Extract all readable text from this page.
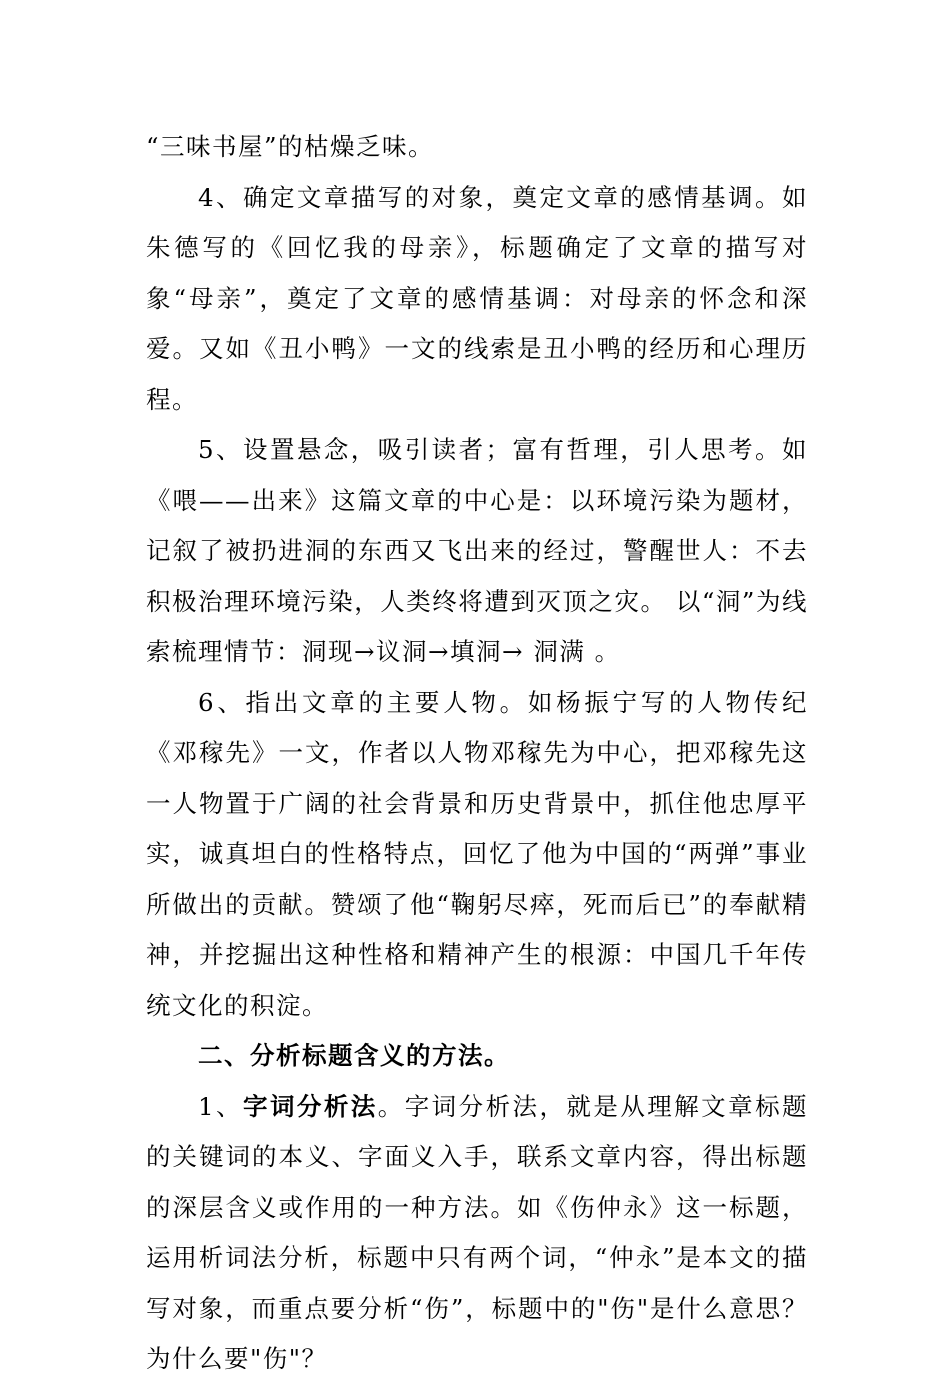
“三味书屋”的枯燥乏味。

4、确定文章描写的对象，奠定文章的感情基调。如朱德写的《回忆我的母亲》，标题确定了文章的描写对象“母亲”，奠定了文章的感情基调：对母亲的怀念和深爱。又如《丑小鸭》一文的线索是丑小鸭的经历和心理历程。

5、设置悬念，吸引读者；富有哲理，引人思考。如《喂——出来》这篇文章的中心是：以环境污染为题材，记叙了被扔进洞的东西又飞出来的经过，警醒世人：不去积极治理环境污染，人类终将遭到灭顶之灾。 以“洞”为线索梳理情节：洞现→议洞→填洞→ 洞满 。

6、指出文章的主要人物。如杨振宁写的人物传纪《邓稼先》一文，作者以人物邓稼先为中心，把邓稼先这一人物置于广阔的社会背景和历史背景中，抓住他忠厚平实，诚真坦白的性格特点，回忆了他为中国的“两弹”事业所做出的贡献。赞颂了他“鞠躬尽瘁，死而后已”的奉献精神，并挖掘出这种性格和精神产生的根源：中国几千年传统文化的积淀。

二、分析标题含义的方法。

1、字词分析法。字词分析法，就是从理解文章标题的关键词的本义、字面义入手，联系文章内容，得出标题的深层含义或作用的一种方法。如《伤仲永》这一标题，运用析词法分析，标题中只有两个词，“仲永”是本文的描写对象，而重点要分析“伤”，标题中的"伤"是什么意思？为什么要"伤"？
